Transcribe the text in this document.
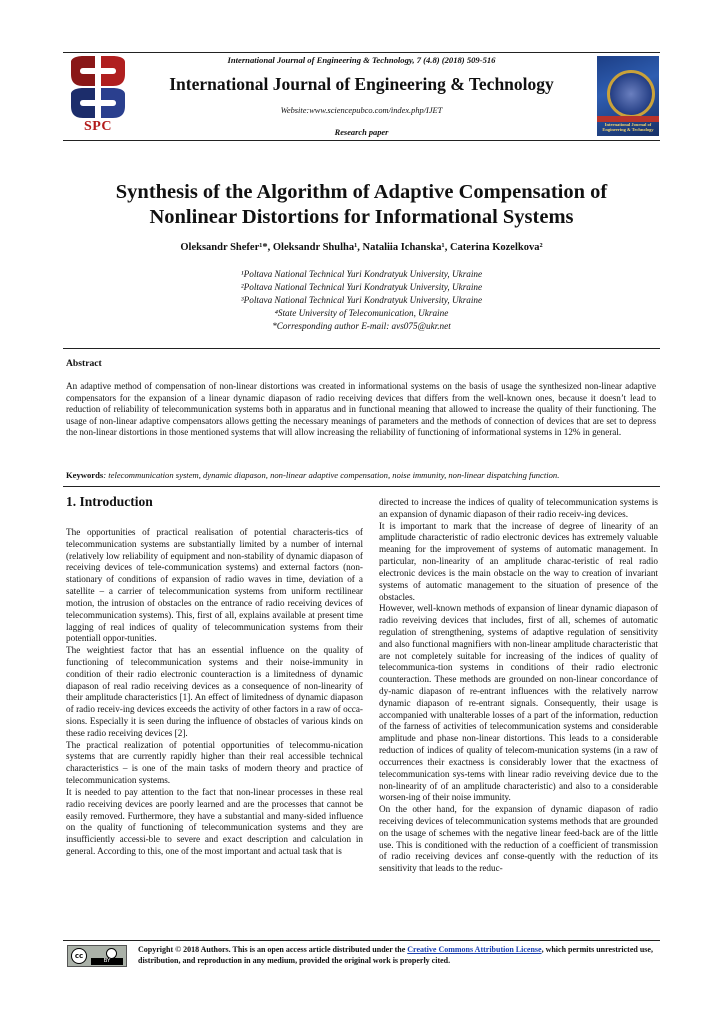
SPC
International Journal of Engineering & Technology, 7 (4.8) (2018) 509-516
International Journal of Engineering & Technology
Website:www.sciencepubco.com/index.php/IJET
Research paper
International Journal of Engineering & Technology
Synthesis of the Algorithm of Adaptive Compensation of
Nonlinear Distortions for Informational Systems
Oleksandr Shefer¹*, Oleksandr Shulha¹, Nataliia Ichanska¹, Caterina Kozelkova²
¹Poltava National Technical Yuri Kondratyuk University, Ukraine
²Poltava National Technical Yuri Kondratyuk University, Ukraine
³Poltava National Technical Yuri Kondratyuk University, Ukraine
⁴State University of Telecomunication, Ukraine
*Corresponding author E-mail: avs075@ukr.net
Abstract
An adaptive method of compensation of non-linear distortions was created in informational systems on the basis of usage the synthesized non-linear adaptive compensators for the expansion of a linear dynamic diapason of radio receiving devices that differs from the well-known ones, because it doesn’t lead to reduction of reliability of telecommunication systems both in apparatus and in functional meaning that allowed to increase the quality of their functioning. The usage of non-linear adaptive compensators allows getting the necessary meanings of parameters and the methods of connection of devices that are set to depress the non-linear distortions in those mentioned systems that will allow increasing the reliability of functioning of informational systems in 12% in general.
Keywords: telecommunication system, dynamic diapason, non-linear adaptive compensation, noise immunity, non-linear dispatching function.
1. Introduction

The opportunities of practical realisation of potential characteris-tics of telecommunication systems are substantially limited by a number of internal (relatively low reliability of equipment and non-stability of dynamic diapason of receiving devices of tele-communication systems) and external factors (non-stationary of conditions of expansion of radio waves in time, deviation of a satellite – a carrier of telecommunication systems from uniform rectilinear motion, the intrusion of obstacles on the entrance of radio receiving devices of telecommunication systems). This, first of all, explains available at present time lagging of real indices of quality of telecommunication systems from their potentiall oppor-tunities.

The weightiest factor that has an essential influence on the quality of functioning of telecommunication systems and their noise-immunity in condition of their radio electronic counteraction is a limitedness of dynamic diapason of real radio receiving devices as a consequence of non-linearity of their amplitude characteristics [1]. An effect of limitedness of dynamic diapason of radio receiv-ing devices exceeds the activity of other factors in a raw of occa-sions. Especially it is seen during the influence of obstacles of various kinds on these radio receiving devices [2].

The practical realization of potential opportunities of telecommu-nication systems that are currently rapidly higher than their real accessible technical characteristics – is one of the main tasks of modern theory and practice of telecommunication systems.

It is needed to pay attention to the fact that non-linear processes in these real radio receiving devices are poorly learned and are the processes that cannot be easily removed. Furthermore, they have a substantial and many-sided influence on the quality of functioning of telecommunication systems and they are insufficiently accessi-ble to severe and exact description and calculation in general. According to this, one of the most important and actual task that is

directed to increase the indices of quality of telecommunication systems is an expansion of dynamic diapason of their radio receiv-ing devices.

It is important to mark that the increase of degree of linearity of an amplitude characteristic of radio electronic devices has extremely valuable meaning for the improvement of systems of automatic management. In particular, non-linearity of an amplitude charac-teristic of real radio electronic devices is the main obstacle on the way to creation of invariant systems of automatic management to the situation of presence of the obstacles.

However, well-known methods of expansion of linear dynamic diapason of radio reveiving devices that includes, first of all, schemes of automatic regulation of strengthening, systems of adaptive regulation of sensitivity and also functional magnifiers with non-linear amplitude characteristic that are not completely suitable for increasing of the indices of quality of telecommunica-tion systems in conditions of their radio electronic counteraction. These methods are grounded on non-linear concordance of dy-namic diapason of re-entrant influences with the relatively narrow dynamic diapason of re-entrant signals. Consequently, their usage is accompanied with unalterable losses of a part of the information, reduction of the farness of activities of telecommunication systems and considerable amplitude and phase non-linear distortions. This leads to a considerable reduction of indices of quality of telecom-munication systems (in a raw of occurrences their exactness is considerably lower that the exactness of telecommunication sys-tems with linear radio reveiving device due to the non-linearity of of an amplitude characteristic) and also to a considerable worsen-ing of their noise immunity.

On the other hand, for the expansion of dynamic diapason of radio receiving devices of telecommunication systems methods that are grounded on the usage of schemes with the negative linear feed-back are of the little use. This is conditioned with the reduction of a coefficient of transmission of radio receiving devices anf conse-quently with the reduction of its sensitivity that leads to the reduc-

cc
BY
Copyright © 2018 Authors. This is an open access article distributed under the Creative Commons Attribution License, which permits unrestricted use, distribution, and reproduction in any medium, provided the original work is properly cited.
